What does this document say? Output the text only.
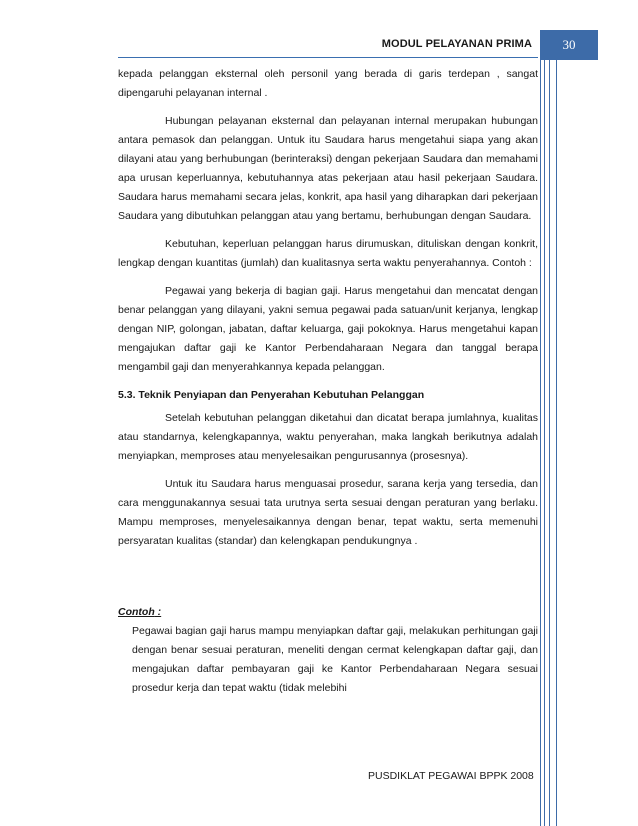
MODUL PELAYANAN PRIMA	30

kepada pelanggan eksternal oleh personil yang berada di garis terdepan , sangat dipengaruhi pelayanan internal .

Hubungan pelayanan eksternal dan pelayanan internal merupakan hubungan antara pemasok dan pelanggan. Untuk itu Saudara harus mengetahui siapa yang akan dilayani atau yang berhubungan (berinteraksi) dengan pekerjaan Saudara dan memahami apa urusan keperluannya, kebutuhannya atas pekerjaan atau hasil pekerjaan Saudara. Saudara harus memahami secara jelas, konkrit, apa hasil yang diharapkan dari pekerjaan Saudara yang dibutuhkan pelanggan atau yang bertamu, berhubungan dengan Saudara.

Kebutuhan, keperluan pelanggan harus dirumuskan, dituliskan dengan konkrit, lengkap dengan kuantitas (jumlah) dan kualitasnya serta waktu penyerahannya. Contoh :

Pegawai yang bekerja di bagian gaji. Harus mengetahui dan mencatat dengan benar pelanggan yang dilayani, yakni semua pegawai pada satuan/unit kerjanya, lengkap dengan NIP, golongan, jabatan, daftar keluarga, gaji pokoknya. Harus mengetahui kapan mengajukan daftar gaji ke Kantor Perbendaharaan Negara dan tanggal berapa mengambil gaji dan menyerahkannya kepada pelanggan.

5.3. Teknik Penyiapan dan Penyerahan Kebutuhan Pelanggan

Setelah kebutuhan pelanggan diketahui dan dicatat berapa jumlahnya, kualitas atau standarnya, kelengkapannya, waktu penyerahan, maka langkah berikutnya adalah menyiapkan, memproses atau menyelesaikan pengurusannya (prosesnya).

Untuk itu Saudara harus menguasai prosedur, sarana kerja yang tersedia, dan cara menggunakannya sesuai tata urutnya serta sesuai dengan peraturan yang berlaku. Mampu memproses, menyelesaikannya dengan benar, tepat waktu, serta memenuhi persyaratan kualitas (standar) dan kelengkapan pendukungnya .

Contoh :

Pegawai bagian gaji harus mampu menyiapkan daftar gaji, melakukan perhitungan gaji dengan benar sesuai peraturan, meneliti dengan cermat kelengkapan daftar gaji, dan mengajukan daftar pembayaran gaji ke Kantor Perbendaharaan Negara sesuai prosedur kerja dan tepat waktu (tidak melebihi

PUSDIKLAT PEGAWAI BPPK 2008
